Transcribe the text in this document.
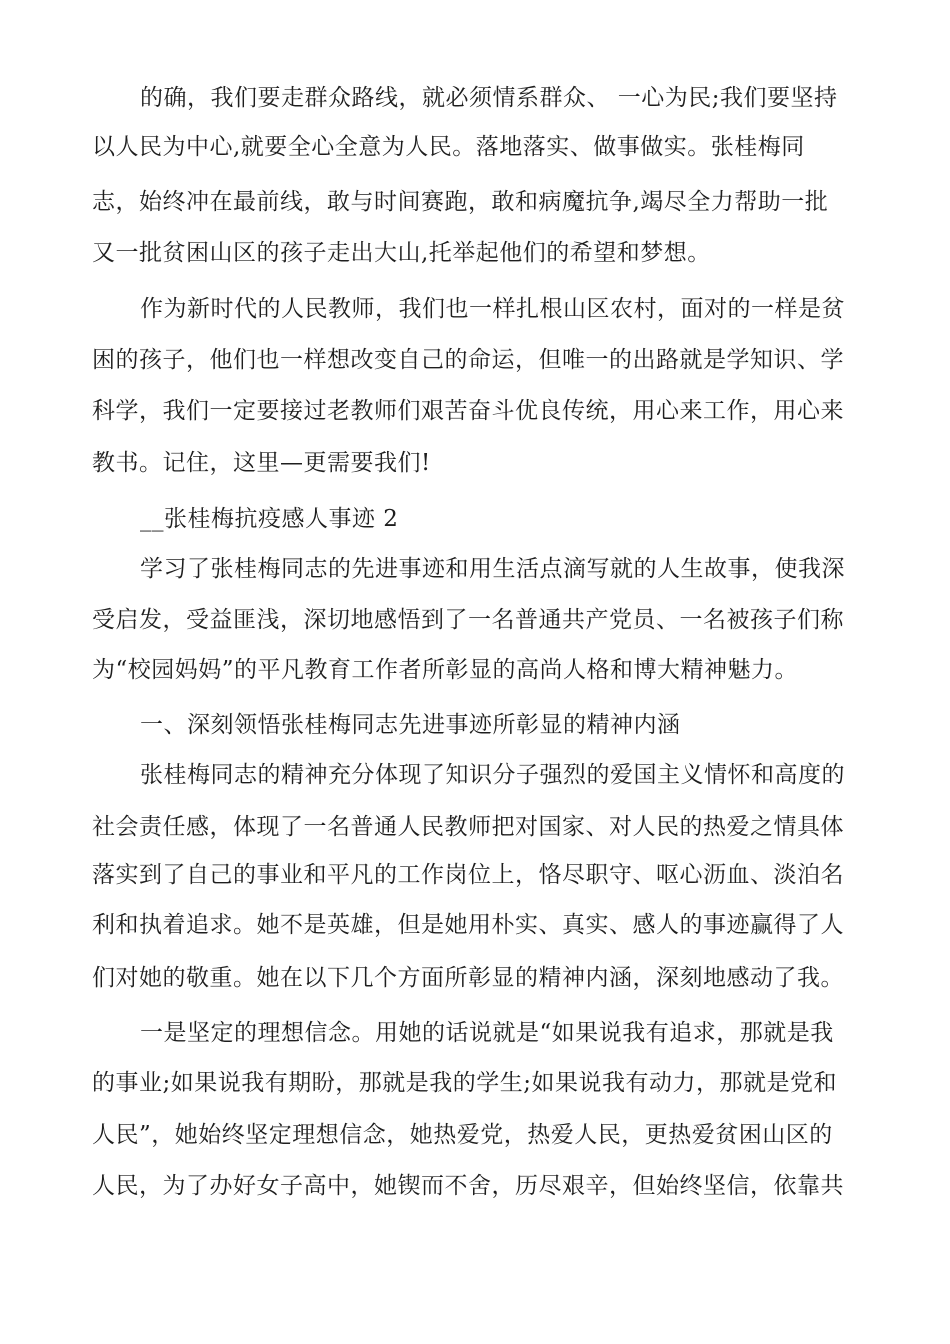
的确，我们要走群众路线，就必须情系群众、 一心为民;我们要坚持

以人民为中心,就要全心全意为人民。落地落实、做事做实。张桂梅同

志，始终冲在最前线，敢与时间赛跑，敢和病魔抗争,竭尽全力帮助一批

又一批贫困山区的孩子走出大山,托举起他们的希望和梦想。

作为新时代的人民教师，我们也一样扎根山区农村，面对的一样是贫

困的孩子，他们也一样想改变自己的命运，但唯一的出路就是学知识、学

科学，我们一定要接过老教师们艰苦奋斗优良传统，用心来工作，用心来

教书。记住，这里—更需要我们!

__张桂梅抗疫感人事迹 2

学习了张桂梅同志的先进事迹和用生活点滴写就的人生故事，使我深

受启发，受益匪浅，深切地感悟到了一名普通共产党员、一名被孩子们称

为“校园妈妈”的平凡教育工作者所彰显的高尚人格和博大精神魅力。

一、深刻领悟张桂梅同志先进事迹所彰显的精神内涵

张桂梅同志的精神充分体现了知识分子强烈的爱国主义情怀和高度的

社会责任感，体现了一名普通人民教师把对国家、对人民的热爱之情具体

落实到了自己的事业和平凡的工作岗位上，恪尽职守、呕心沥血、淡泊名

利和执着追求。她不是英雄，但是她用朴实、真实、感人的事迹赢得了人

们对她的敬重。她在以下几个方面所彰显的精神内涵，深刻地感动了我。

一是坚定的理想信念。用她的话说就是“如果说我有追求，那就是我

的事业;如果说我有期盼，那就是我的学生;如果说我有动力，那就是党和

人民”，她始终坚定理想信念，她热爱党，热爱人民，更热爱贫困山区的

人民，为了办好女子高中，她锲而不舍，历尽艰辛，但始终坚信，依靠共
